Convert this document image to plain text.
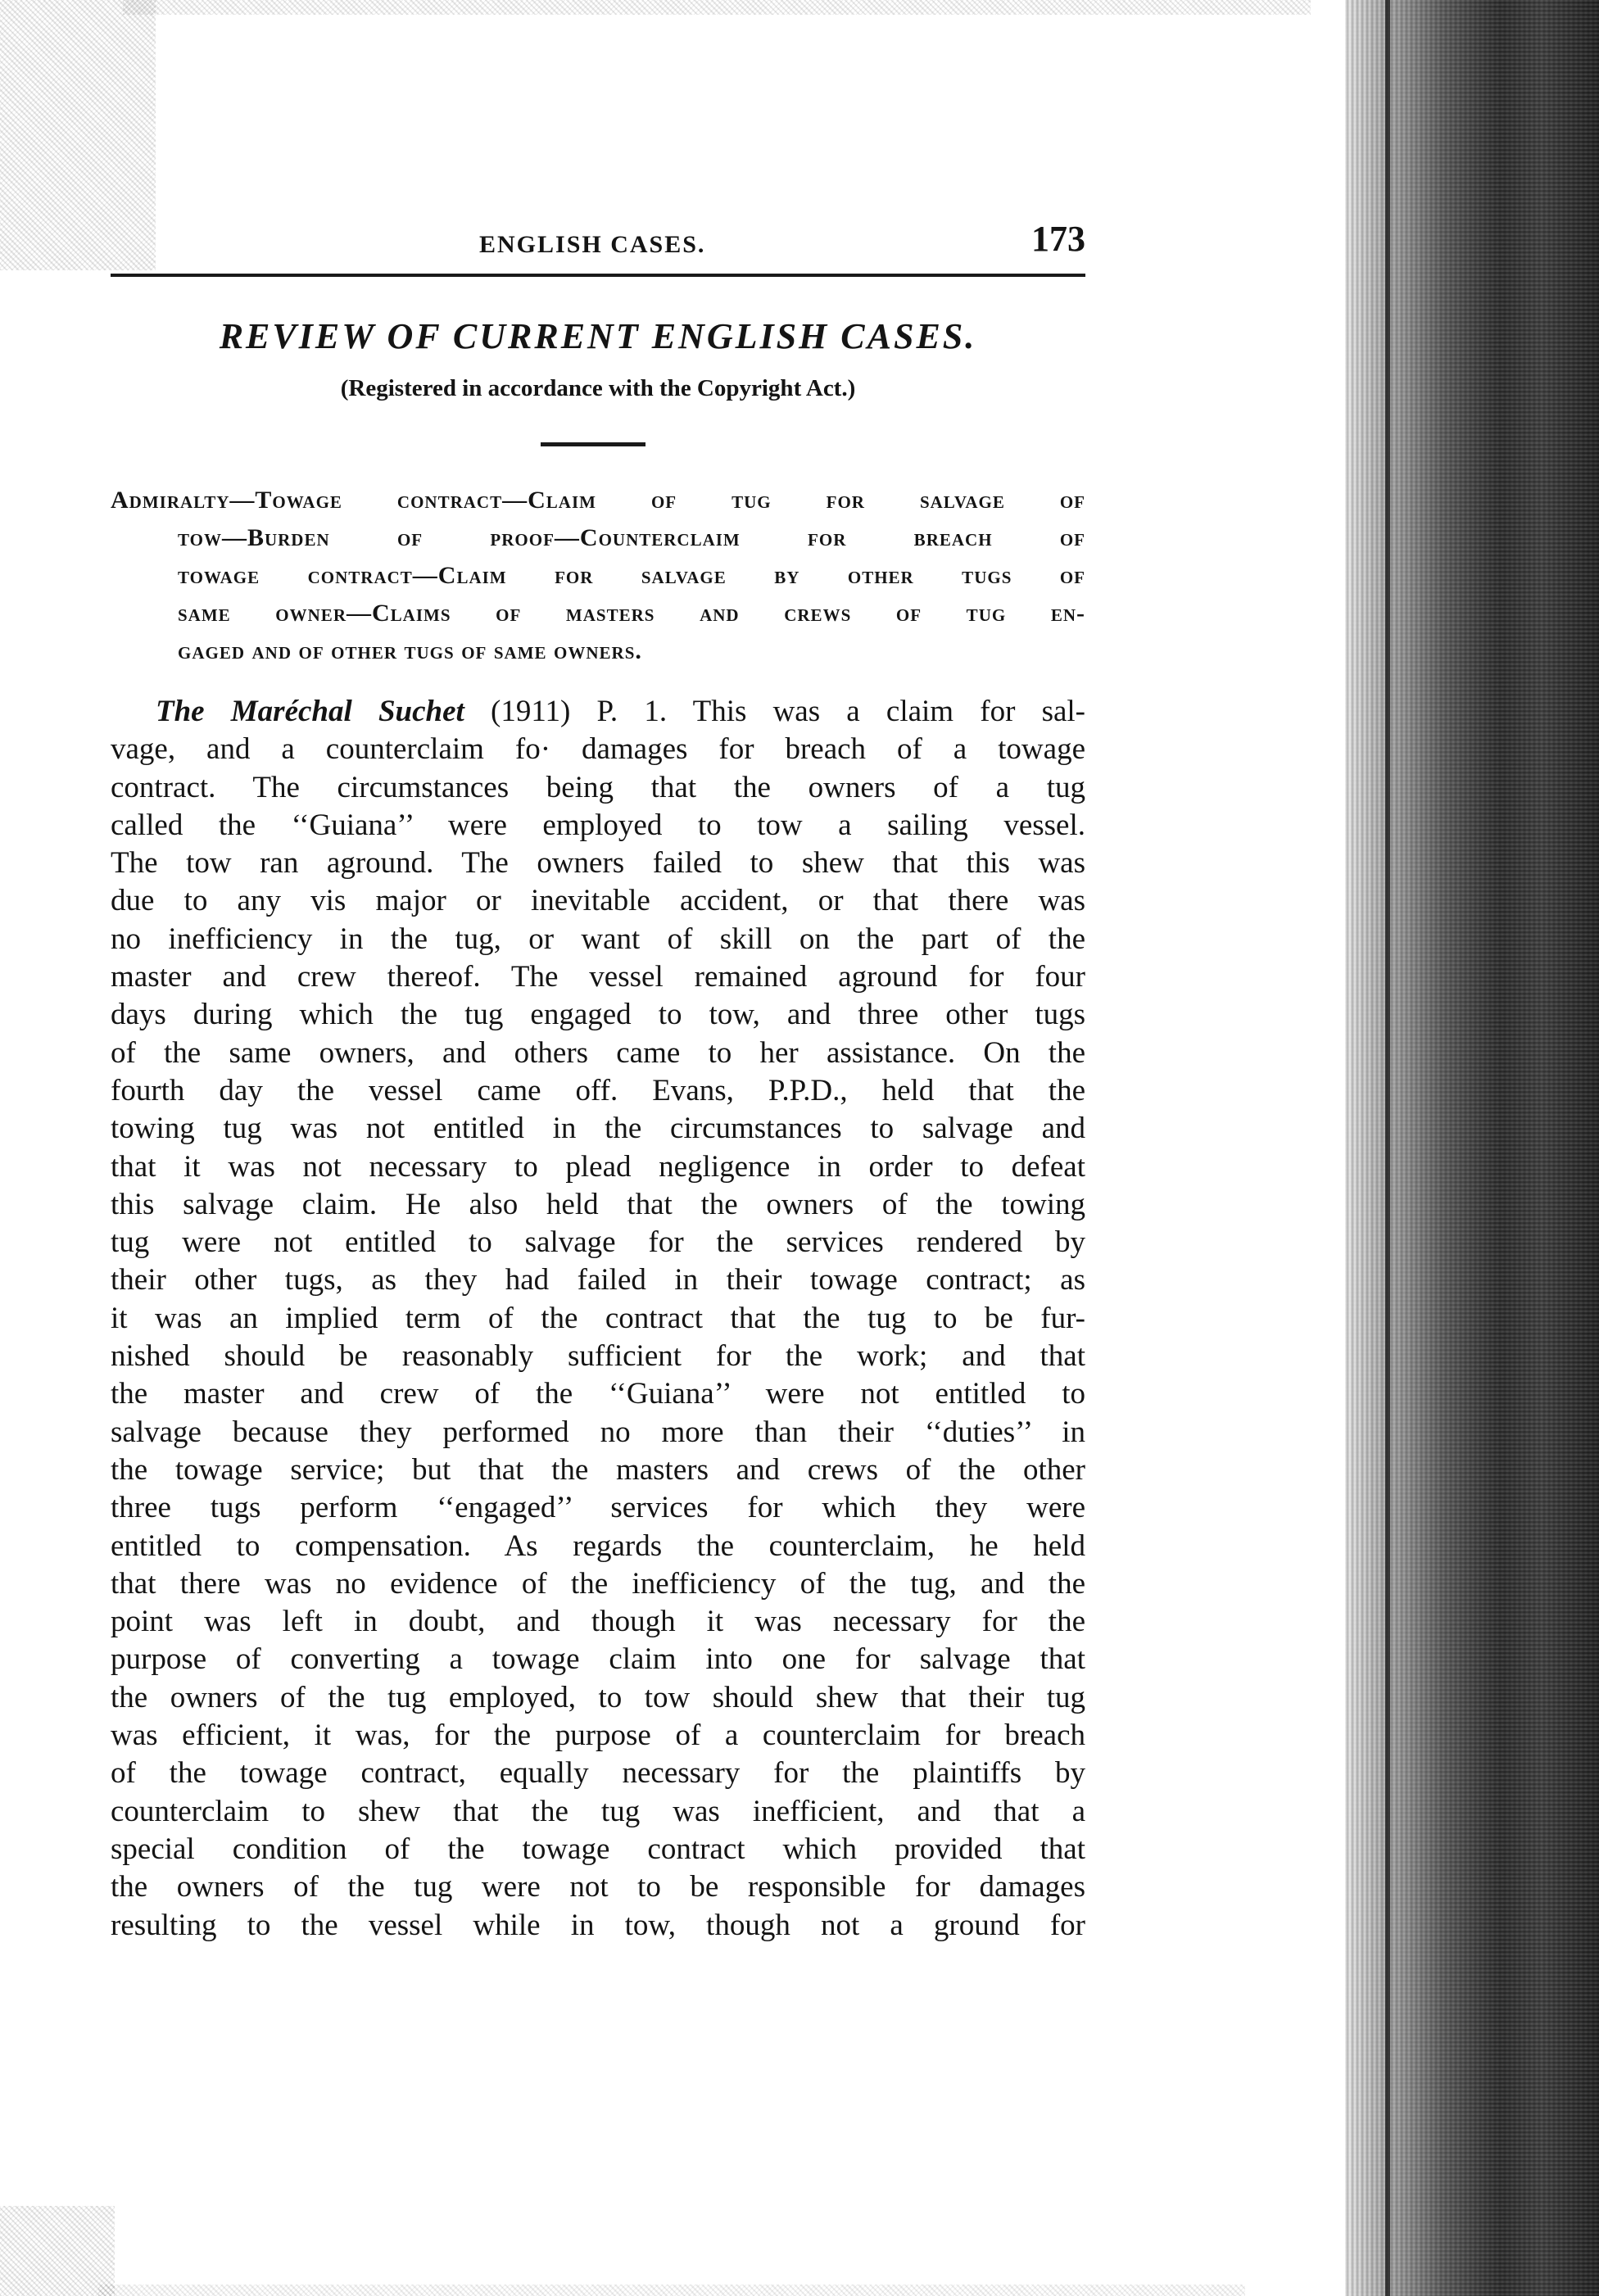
ENGLISH CASES.	173
REVIEW OF CURRENT ENGLISH CASES.
(Registered in accordance with the Copyright Act.)
Admiralty—Towage contract—Claim of tug for salvage of
tow—Burden of proof—Counterclaim for breach of
towage contract—Claim for salvage by other tugs of
same owner—Claims of masters and crews of tug en-
gaged and of other tugs of same owners.
The Maréchal Suchet (1911) P. 1. This was a claim for sal-
vage, and a counterclaim fo· damages for breach of a towage
contract. The circumstances being that the owners of a tug
called the ‘‘Guiana’’ were employed to tow a sailing vessel.
The tow ran aground. The owners failed to shew that this was
due to any vis major or inevitable accident, or that there was
no inefficiency in the tug, or want of skill on the part of the
master and crew thereof. The vessel remained aground for four
days during which the tug engaged to tow, and three other tugs
of the same owners, and others came to her assistance. On the
fourth day the vessel came off. Evans, P.P.D., held that the
towing tug was not entitled in the circumstances to salvage and
that it was not necessary to plead negligence in order to defeat
this salvage claim. He also held that the owners of the towing
tug were not entitled to salvage for the services rendered by
their other tugs, as they had failed in their towage contract; as
it was an implied term of the contract that the tug to be fur-
nished should be reasonably sufficient for the work; and that
the master and crew of the ‘‘Guiana’’ were not entitled to
salvage because they performed no more than their ‘‘duties’’ in
the towage service; but that the masters and crews of the other
three tugs perform ‘‘engaged’’ services for which they were
entitled to compensation. As regards the counterclaim, he held
that there was no evidence of the inefficiency of the tug, and the
point was left in doubt, and though it was necessary for the
purpose of converting a towage claim into one for salvage that
the owners of the tug employed, to tow should shew that their tug
was efficient, it was, for the purpose of a counterclaim for breach
of the towage contract, equally necessary for the plaintiffs by
counterclaim to shew that the tug was inefficient, and that a
special condition of the towage contract which provided that
the owners of the tug were not to be responsible for damages
resulting to the vessel while in tow, though not a ground for
